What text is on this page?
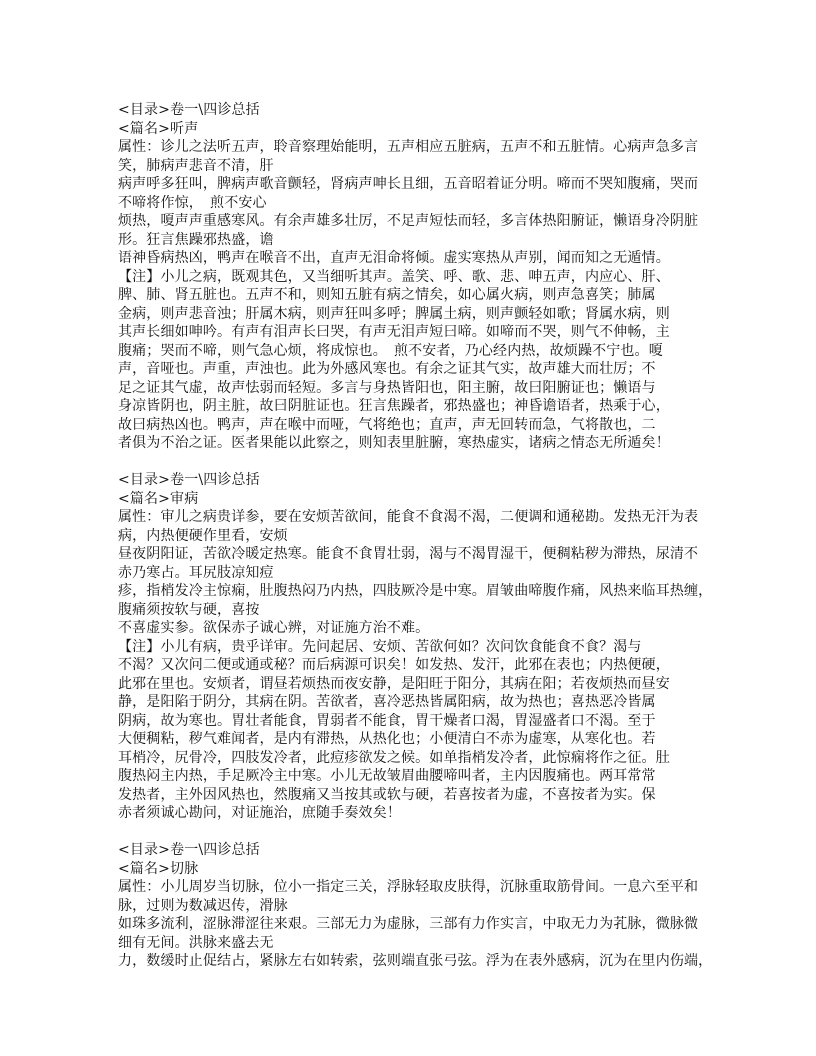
<目录>卷一\四诊总括
<篇名>听声
属性：诊儿之法听五声，聆音察理始能明，五声相应五脏病，五声不和五脏情。心病声急多言
笑，肺病声悲音不清，肝
病声呼多狂叫，脾病声歌音颤轻，肾病声呻长且细，五音昭着证分明。啼而不哭知腹痛，哭而
不啼将作惊，　煎不安心
烦热，嗄声声重感寒风。有余声雄多壮厉，不足声短怯而轻，多言体热阳腑证，懒语身冷阴脏
形。狂言焦躁邪热盛，谵
语神昏病热凶，鸭声在喉音不出，直声无泪命将倾。虚实寒热从声别，闻而知之无遁情。
【注】小儿之病，既观其色，又当细听其声。盖笑、呼、歌、悲、呻五声，内应心、肝、
脾、肺、肾五脏也。五声不和，则知五脏有病之情矣，如心属火病，则声急喜笑；肺属
金病，则声悲音浊；肝属木病，则声狂叫多呼；脾属土病，则声颤轻如歌；肾属水病，则
其声长细如呻吟。有声有泪声长曰哭，有声无泪声短曰啼。如啼而不哭，则气不伸畅，主
腹痛；哭而不啼，则气急心烦，将成惊也。　煎不安者，乃心经内热，故烦躁不宁也。嗄
声，音哑也。声重，声浊也。此为外感风寒也。有余之证其气实，故声雄大而壮厉；不
足之证其气虚，故声怯弱而轻短。多言与身热皆阳也，阳主腑，故曰阳腑证也；懒语与
身凉皆阴也，阴主脏，故曰阴脏证也。狂言焦躁者，邪热盛也；神昏谵语者，热乘于心，
故曰病热凶也。鸭声，声在喉中而哑，气将绝也；直声，声无回转而急，气将散也，二
者俱为不治之证。医者果能以此察之，则知表里脏腑，寒热虚实，诸病之情态无所遁矣！
<目录>卷一\四诊总括
<篇名>审病
属性：审儿之病贵详参，要在安烦苦欲间，能食不食渴不渴，二便调和通秘勘。发热无汗为表
病，内热便硬作里看，安烦
昼夜阴阳证，苦欲冷暖定热寒。能食不食胃壮弱，渴与不渴胃湿干，便稠粘秽为滞热，尿清不
赤乃寒占。耳尻肢凉知痘
疹，指梢发冷主惊痫，肚腹热闷乃内热，四肢厥冷是中寒。眉皱曲啼腹作痛，风热来临耳热缠，
腹痛须按软与硬，喜按
不喜虚实参。欲保赤子诚心辨，对证施方治不难。
【注】小儿有病，贵乎详审。先问起居、安烦、苦欲何如？次问饮食能食不食？渴与
不渴？又次问二便或通或秘？而后病源可识矣！如发热、发汗，此邪在表也；内热便硬，
此邪在里也。安烦者，谓昼若烦热而夜安静，是阳旺于阳分，其病在阳；若夜烦热而昼安
静，是阳陷于阴分，其病在阴。苦欲者，喜冷恶热皆属阳病，故为热也；喜热恶冷皆属
阴病，故为寒也。胃壮者能食，胃弱者不能食，胃干燥者口渴，胃湿盛者口不渴。至于
大便稠粘，秽气难闻者，是内有滞热，从热化也；小便清白不赤为虚寒，从寒化也。若
耳梢冷，尻骨冷，四肢发冷者，此痘疹欲发之候。如单指梢发冷者，此惊痫将作之征。肚
腹热闷主内热，手足厥冷主中寒。小儿无故皱眉曲腰啼叫者，主内因腹痛也。两耳常常
发热者，主外因风热也，然腹痛又当按其或软与硬，若喜按者为虚，不喜按者为实。保
赤者须诚心勘问，对证施治，庶随手奏效矣！
<目录>卷一\四诊总括
<篇名>切脉
属性：小儿周岁当切脉，位小一指定三关，浮脉轻取皮肤得，沉脉重取筋骨间。一息六至平和
脉，过则为数减迟传，滑脉
如珠多流利，涩脉滞涩往来艰。三部无力为虚脉，三部有力作实言，中取无力为芤脉，微脉微
细有无间。洪脉来盛去无
力，数缓时止促结占，紧脉左右如转索，弦则端直张弓弦。浮为在表外感病，沉为在里内伤端，
